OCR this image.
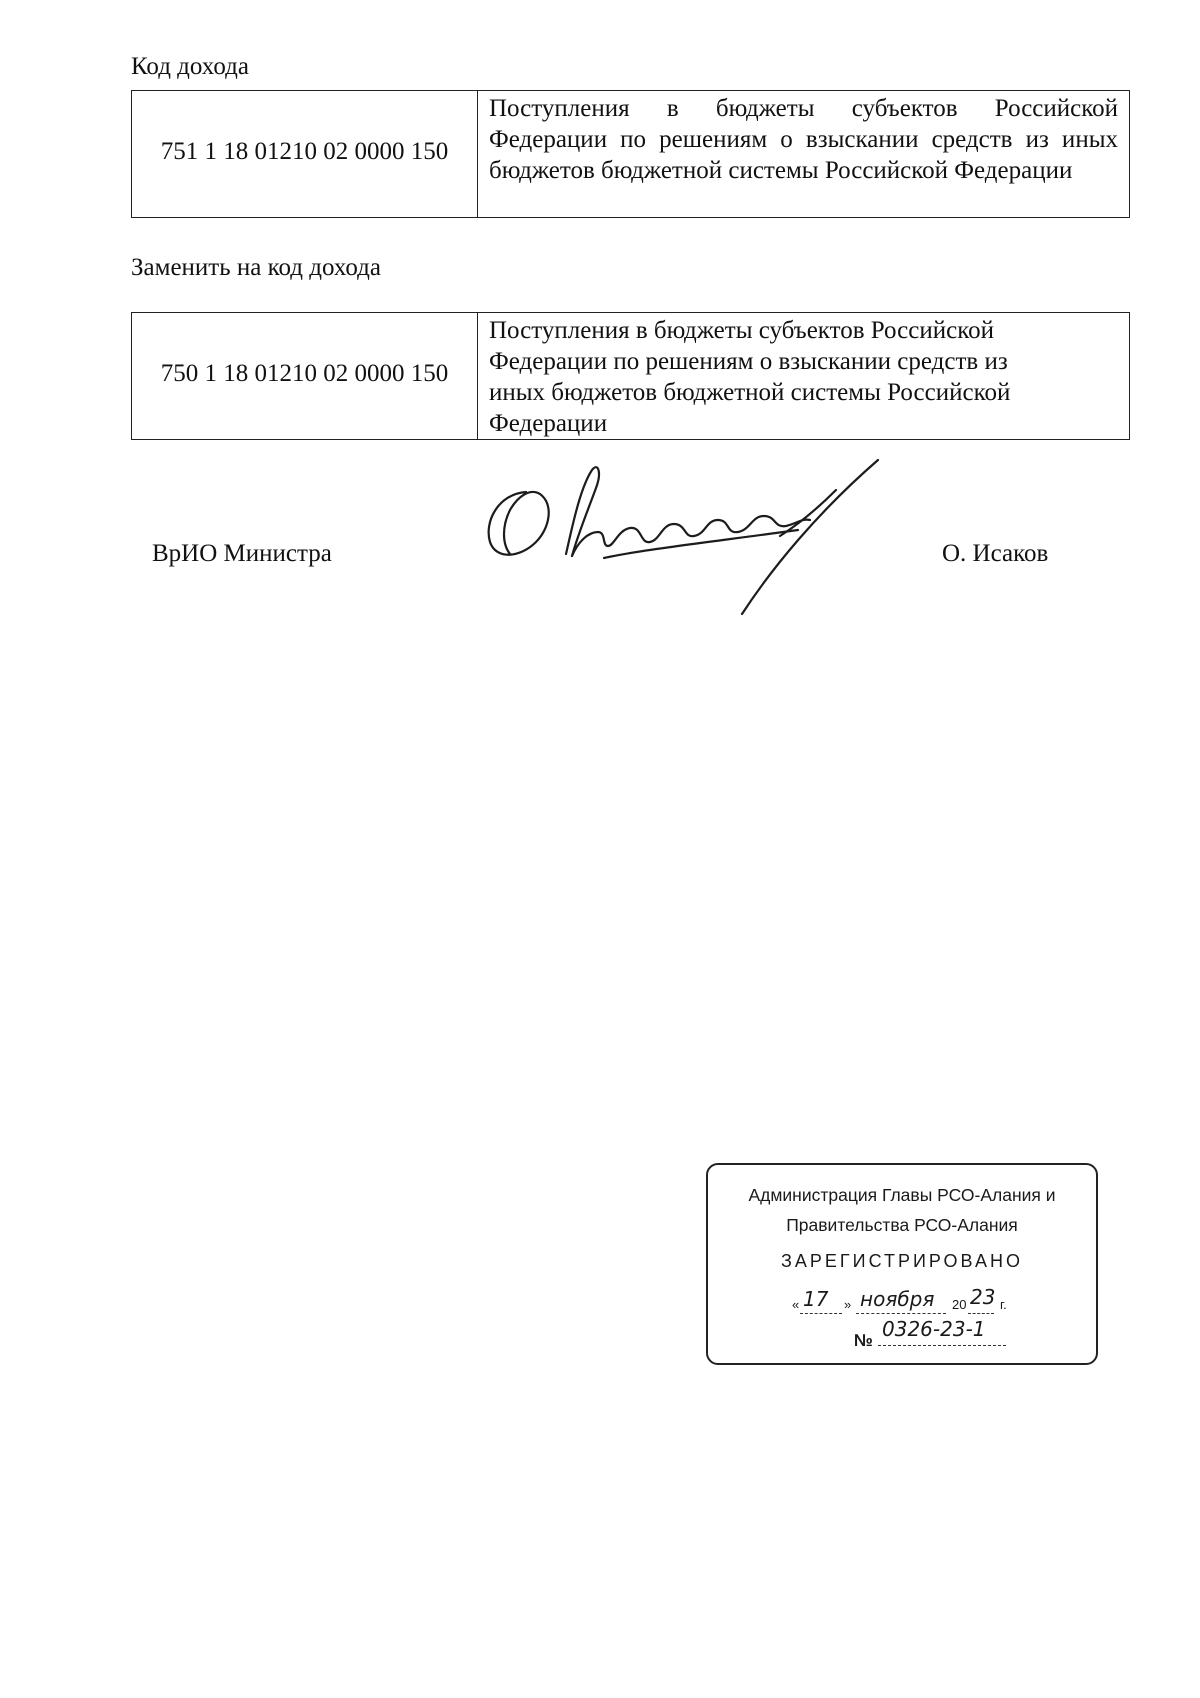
Код дохода
751 1 18 01210 02 0000 150
Поступления в бюджеты субъектов Российской Федерации по решениям о взыскании средств из иных бюджетов бюджетной системы Российской Федерации
Заменить на код дохода
750 1 18 01210 02 0000 150
Поступления в бюджеты субъектов Российской Федерации по решениям о взыскании средств из иных бюджетов бюджетной системы Российской Федерации
ВрИО Министра	О. Исаков
Администрация Главы РСО-Алания и
Правительства РСО-Алания
ЗАРЕГИСТРИРОВАНО
« 17 » ноября 20 23 г.
№ 0326-23-1
